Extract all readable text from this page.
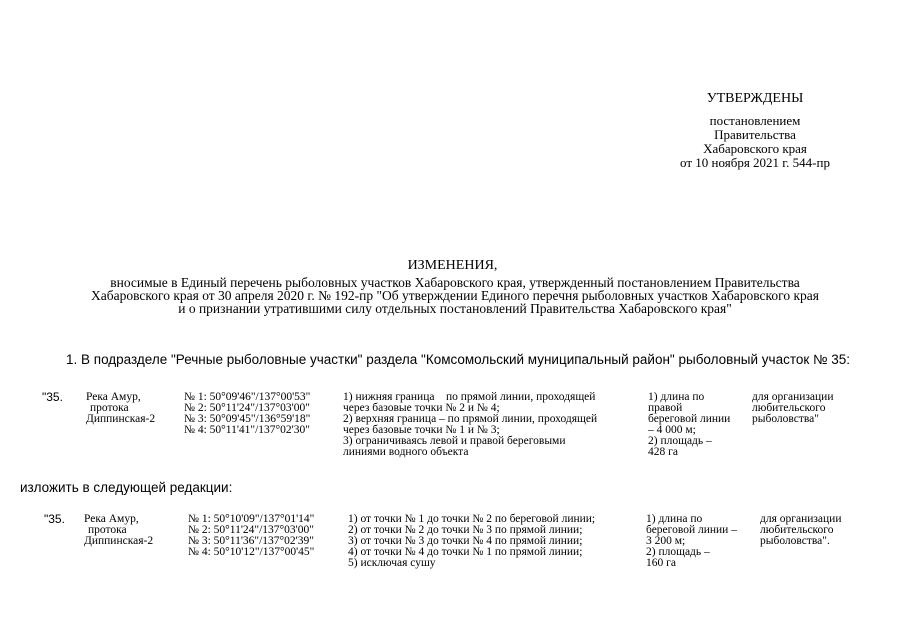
УТВЕРЖДЕНЫ
постановлением
Правительства
Хабаровского края
от 10 ноября 2021 г. 544-пр
ИЗМЕНЕНИЯ,
вносимые в Единый перечень рыболовных участков Хабаровского края, утвержденный постановлением Правительства
Хабаровского края от 30 апреля 2020 г. № 192-пр "Об утверждении Единого перечня рыболовных участков Хабаровского края
и о признании утратившими силу отдельных постановлений Правительства Хабаровского края"
1. В подразделе "Речные рыболовные участки" раздела "Комсомольский муниципальный район" рыболовный участок № 35:
"35. Река Амур,
протока
Диппинская-2
№ 1: 50°09'46"/137°00'53"
№ 2: 50°11'24"/137°03'00"
№ 3: 50°09'45"/136°59'18"
№ 4: 50°11'41"/137°02'30"
1) нижняя граница    по прямой линии, проходящей
через базовые точки № 2 и № 4;
2) верхняя граница – по прямой линии, проходящей
через базовые точки № 1 и № 3;
3) ограничиваясь левой и правой береговыми
линиями водного объекта
1) длина по
правой
береговой линии
– 4 000 м;
2) площадь –
428 га
для организации
любительского
рыболовства"
изложить в следующей редакции:
"35. Река Амур,
протока
Диппинская-2
№ 1: 50°10'09"/137°01'14"
№ 2: 50°11'24"/137°03'00"
№ 3: 50°11'36"/137°02'39"
№ 4: 50°10'12"/137°00'45"
1) от точки № 1 до точки № 2 по береговой линии;
2) от точки № 2 до точки № 3 по прямой линии;
3) от точки № 3 до точки № 4 по прямой линии;
4) от точки № 4 до точки № 1 по прямой линии;
5) исключая сушу
1) длина по
береговой линии –
3 200 м;
2) площадь –
160 га
для организации
любительского
рыболовства".
